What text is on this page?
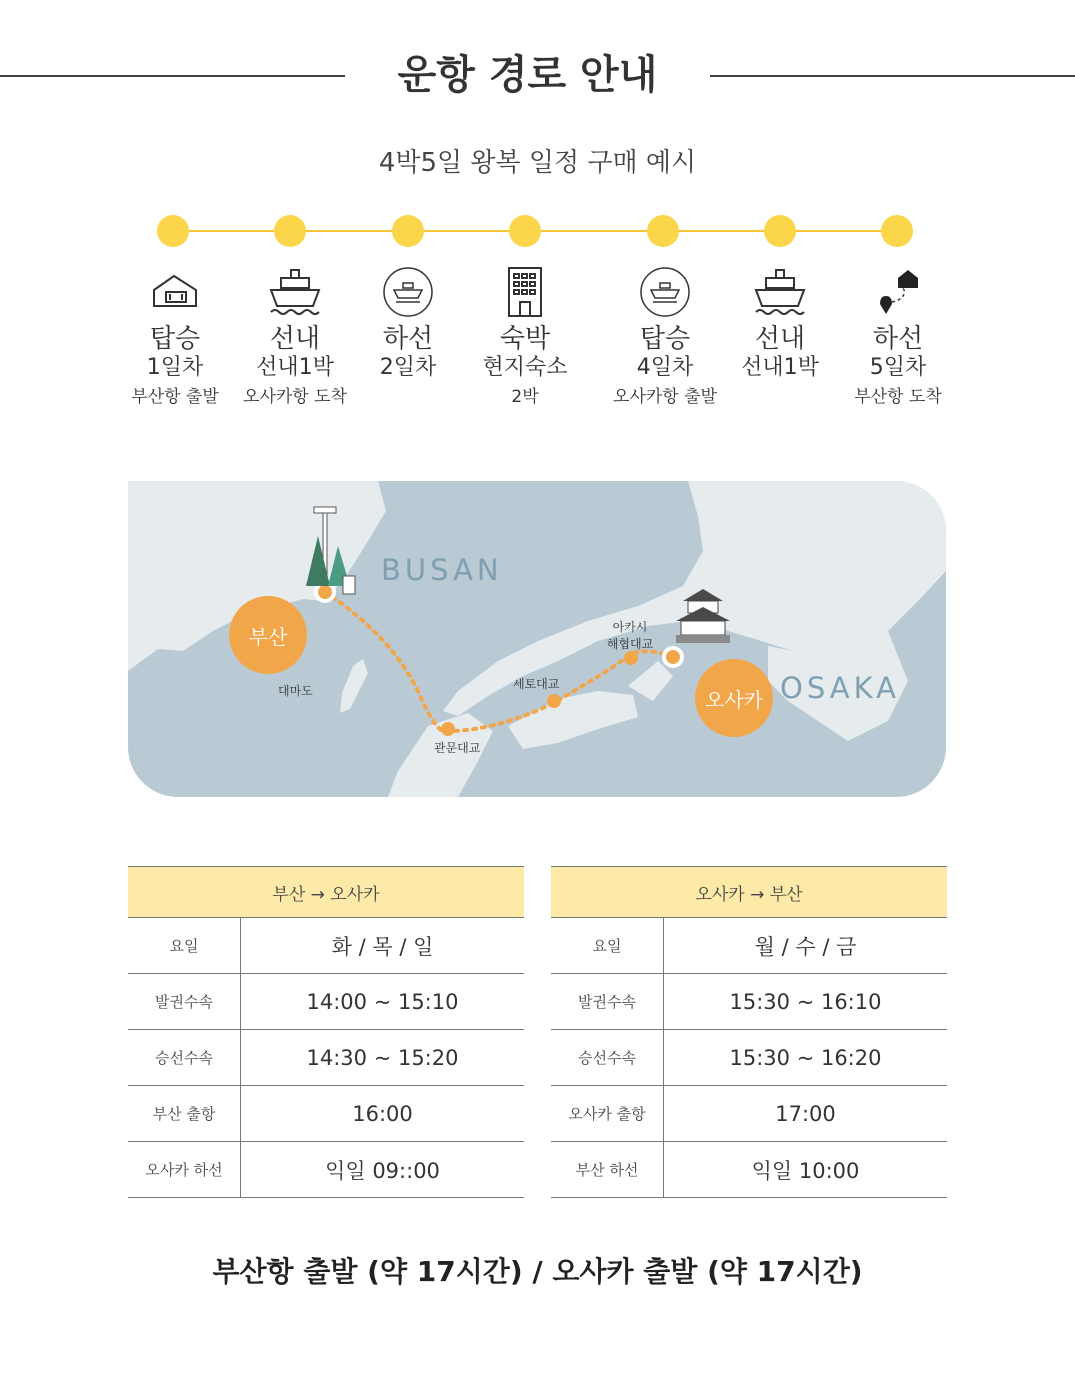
운항 경로 안내
4박5일 왕복 일정 구매 예시
탑승
1일차
부산항 출발
선내
선내1박
오사카항 도착
하선
2일차
숙박
현지숙소
2박
탑승
4일차
오사카항 출발
선내
선내1박
하선
5일차
부산항 도착
BUSAN
OSAKA
부산
오사카
대마도
관문대교
세토대교
아카시
해협대교
부산 → 오사카
요일	화 / 목 / 일
발권수속	14:00 ~ 15:10
승선수속	14:30 ~ 15:20
부산 출항	16:00
오사카 하선	익일 09::00
오사카 → 부산
요일	월 / 수 / 금
발권수속	15:30 ~ 16:10
승선수속	15:30 ~ 16:20
오사카 출항	17:00
부산 하선	익일 10:00
부산항 출발 (약 17시간) / 오사카 출발 (약 17시간)
